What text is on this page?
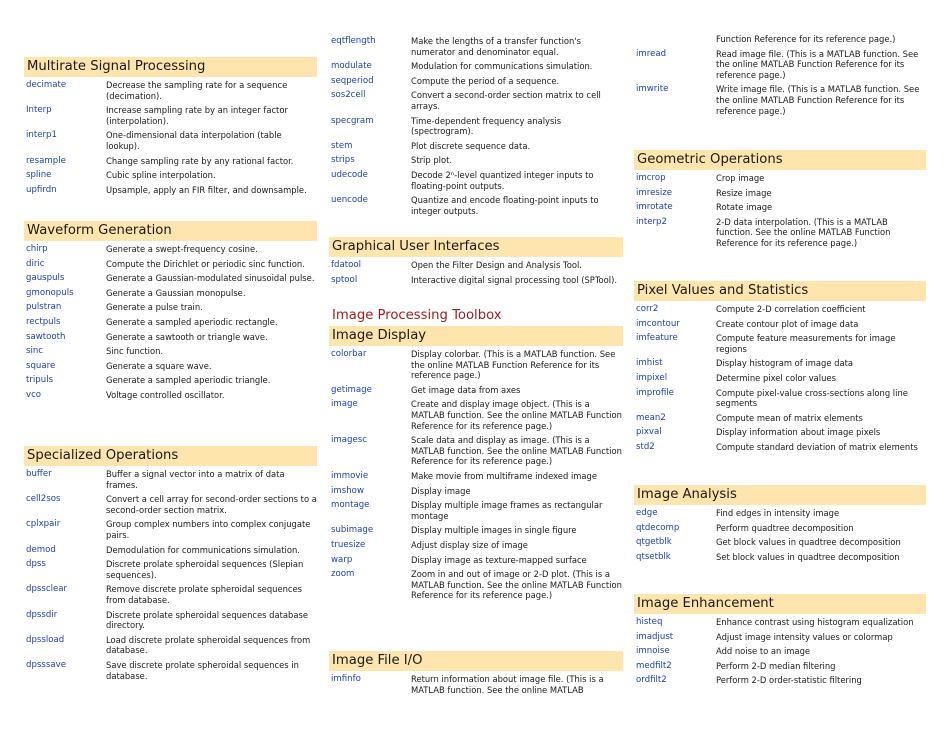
Multirate Signal Processing
decimate	Decrease the sampling rate for a sequence (decimation).
Interp	Increase sampling rate by an integer factor (interpolation).
interp1	One-dimensional data interpolation (table lookup).
resample	Change sampling rate by any rational factor.
spline	Cubic spline interpolation.
upfirdn	Upsample, apply an FIR filter, and downsample.
Waveform Generation
chirp	Generate a swept-frequency cosine.
diric	Compute the Dirichlet or periodic sinc function.
gauspuls	Generate a Gaussian-modulated sinusoidal pulse.
gmonopuls	Generate a Gaussian monopulse.
pulstran	Generate a pulse train.
rectpuls	Generate a sampled aperiodic rectangle.
sawtooth	Generate a sawtooth or triangle wave.
sinc	Sinc function.
square	Generate a square wave.
tripuls	Generate a sampled aperiodic triangle.
vco	Voltage controlled oscillator.
Specialized Operations
buffer	Buffer a signal vector into a matrix of data frames.
cell2sos	Convert a cell array for second-order sections to a second-order section matrix.
cplxpair	Group complex numbers into complex conjugate pairs.
demod	Demodulation for communications simulation.
dpss	Discrete prolate spheroidal sequences (Slepian sequences).
dpssclear	Remove discrete prolate spheroidal sequences from database.
dpssdir	Discrete prolate spheroidal sequences database directory.
dpssload	Load discrete prolate spheroidal sequences from database.
dpsssave	Save discrete prolate spheroidal sequences in database.
eqtflength	Make the lengths of a transfer function's numerator and denominator equal.
modulate	Modulation for communications simulation.
seqperiod	Compute the period of a sequence.
sos2cell	Convert a second-order section matrix to cell arrays.
specgram	Time-dependent frequency analysis (spectrogram).
stem	Plot discrete sequence data.
strips	Strip plot.
udecode	Decode 2ⁿ-level quantized integer inputs to floating-point outputs.
uencode	Quantize and encode floating-point inputs to integer outputs.
Graphical User Interfaces
fdatool	Open the Filter Design and Analysis Tool.
sptool	Interactive digital signal processing tool (SPTool).
Image Processing Toolbox
Image Display
colorbar	Display colorbar. (This is a MATLAB function. See the online MATLAB Function Reference for its reference page.)
getimage	Get image data from axes
image	Create and display image object. (This is a MATLAB function. See the online MATLAB Function Reference for its reference page.)
imagesc	Scale data and display as image. (This is a MATLAB function. See the online MATLAB Function Reference for its reference page.)
immovie	Make movie from multiframe indexed image
imshow	Display image
montage	Display multiple image frames as rectangular montage
subimage	Display multiple images in single figure
truesize	Adjust display size of image
warp	Display image as texture-mapped surface
zoom	Zoom in and out of image or 2-D plot. (This is a MATLAB function. See the online MATLAB Function Reference for its reference page.)
Image File I/O
imfinfo	Return information about image file. (This is a MATLAB function. See the online MATLAB
Function Reference for its reference page.)
imread	Read image file. (This is a MATLAB function. See the online MATLAB Function Reference for its reference page.)
imwrite	Write image file. (This is a MATLAB function. See the online MATLAB Function Reference for its reference page.)
Geometric Operations
imcrop	Crop image
imresize	Resize image
imrotate	Rotate image
interp2	2-D data interpolation. (This is a MATLAB function. See the online MATLAB Function Reference for its reference page.)
Pixel Values and Statistics
corr2	Compute 2-D correlation coefficient
imcontour	Create contour plot of image data
imfeature	Compute feature measurements for image regions
imhist	Display histogram of image data
impixel	Determine pixel color values
improfile	Compute pixel-value cross-sections along line segments
mean2	Compute mean of matrix elements
pixval	Display information about image pixels
std2	Compute standard deviation of matrix elements
Image Analysis
edge	Find edges in intensity image
qtdecomp	Perform quadtree decomposition
qtgetblk	Get block values in quadtree decomposition
qtsetblk	Set block values in quadtree decomposition
Image Enhancement
histeq	Enhance contrast using histogram equalization
imadjust	Adjust image intensity values or colormap
imnoise	Add noise to an image
medfilt2	Perform 2-D median filtering
ordfilt2	Perform 2-D order-statistic filtering
